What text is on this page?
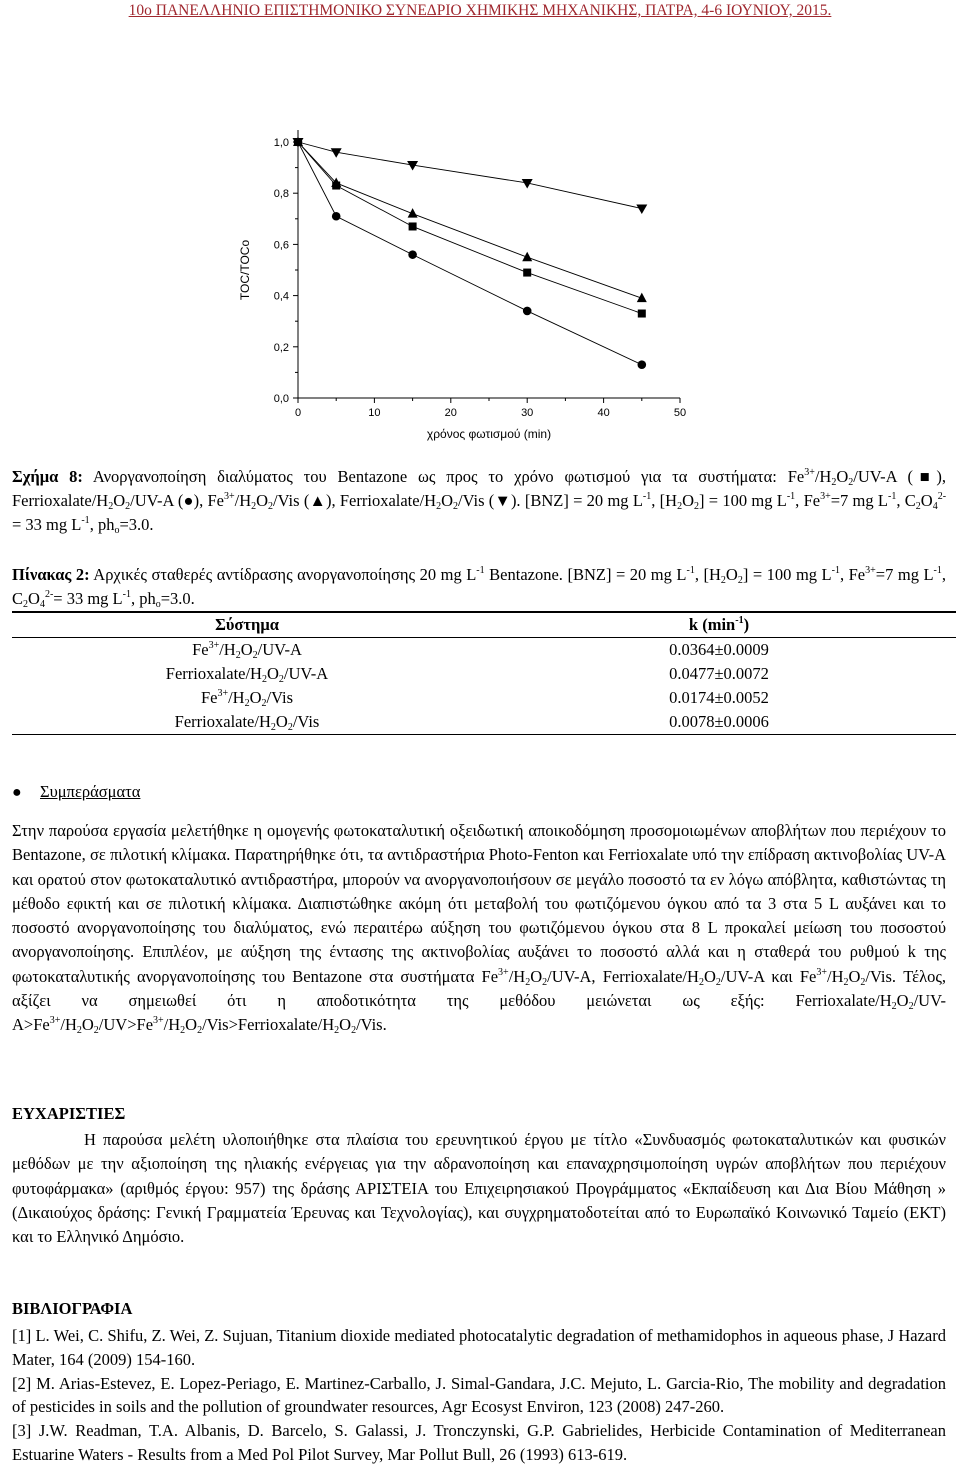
10ο ΠΑΝΕΛΛΗΝΙΟ ΕΠΙΣΤΗΜΟΝΙΚΟ ΣΥΝΕΔΡΙΟ ΧΗΜΙΚΗΣ ΜΗΧΑΝΙΚΗΣ, ΠΑΤΡΑ, 4-6 ΙΟΥΝΙΟΥ, 2015.
0,0
0,2
0,4
0,6
0,8
1,0
0	10	20	30	40	50
χρόνος φωτισμού (min)
TOC/TOCo
Σχήμα 8: Ανοργανοποίηση διαλύματος του Bentazone ως προς το χρόνο φωτισμού για τα συστήματα: $Fe^{3+}/H_2O_2/UV-A$ (■), Ferrioxalate/$H_2O_2/UV-A$ (●), $Fe^{3+}/H_2O_2$/Vis (▲), Ferrioxalate/$H_2O_2$/Vis (▼). [BNZ] = 20 mg $L^{-1}$, $[H_2O_2] = 100$ mg $L^{-1}$, $Fe^{3+}=7$ mg $L^{-1}$, $C_2O_4^{2-}= 33$ mg $L^{-1}$, $ph_o=3.0$.
Πίνακας 2: Αρχικές σταθερές αντίδρασης ανοργανοποίησης 20 mg $L^{-1}$ Bentazone. [BNZ] = 20 mg $L^{-1}$, $[H_2O_2] = 100$ mg $L^{-1}$, $Fe^{3+}=7$ mg $L^{-1}$, $C_2O_4^{2-}= 33$ mg $L^{-1}$, $ph_o=3.0$.
Σύστημα	k $(\min^{-1})$
$Fe^{3+}/H_2O_2/UV-A$	0.0364±0.0009
Ferrioxalate/$H_2O_2/UV-A$	0.0477±0.0072
$Fe^{3+}/H_2O_2$/Vis	0.0174±0.0052
Ferrioxalate/$H_2O_2$/Vis	0.0078±0.0006
● Συμπεράσματα
Στην παρούσα εργασία μελετήθηκε η ομογενής φωτοκαταλυτική οξειδωτική αποικοδόμηση προσομοιωμένων αποβλήτων που περιέχουν το Bentazone, σε πιλοτική κλίμακα. Παρατηρήθηκε ότι, τα αντιδραστήρια Photo-Fenton και Ferrioxalate υπό την επίδραση ακτινοβολίας UV-A και ορατού στον φωτοκαταλυτικό αντιδραστήρα, μπορούν να ανοργανοποιήσουν σε μεγάλο ποσοστό τα εν λόγω απόβλητα, καθιστώντας τη μέθοδο εφικτή και σε πιλοτική κλίμακα. Διαπιστώθηκε ακόμη ότι μεταβολή του φωτιζόμενου όγκου από τα 3 στα 5 L αυξάνει και το ποσοστό ανοργανοποίησης του διαλύματος, ενώ περαιτέρω αύξηση του φωτιζόμενου όγκου στα 8 L προκαλεί μείωση του ποσοστού ανοργανοποίησης. Επιπλέον, με αύξηση της έντασης της ακτινοβολίας αυξάνει το ποσοστό αλλά και η σταθερά του ρυθμού k της φωτοκαταλυτικής ανοργανοποίησης του Bentazone στα συστήματα $Fe^{3+}/H_2O_2/UV-A$, Ferrioxalate/$H_2O_2/UV-A$ και $Fe^{3+}/H_2O_2$/Vis. Τέλος, αξίζει να σημειωθεί ότι η αποδοτικότητα της μεθόδου μειώνεται ως εξής: Ferrioxalate/$H_2O_2/UV-A>Fe^{3+}/H_2O_2/UV>Fe^{3+}/H_2O_2/Vis>Ferrioxalate/H_2O_2$/Vis.
ΕΥΧΑΡΙΣΤΙΕΣ
Η παρούσα μελέτη υλοποιήθηκε στα πλαίσια του ερευνητικού έργου με τίτλο «Συνδυασμός φωτοκαταλυτικών και φυσικών μεθόδων με την αξιοποίηση της ηλιακής ενέργειας για την αδρανοποίηση και επαναχρησιμοποίηση υγρών αποβλήτων που περιέχουν φυτοφάρμακα» (αριθμός έργου: 957) της δράσης ΑΡΙΣΤΕΙΑ του Επιχειρησιακού Προγράμματος «Εκπαίδευση και Δια Βίου Μάθηση » (Δικαιούχος δράσης: Γενική Γραμματεία Έρευνας και Τεχνολογίας), και συγχρηματοδοτείται από το Ευρωπαϊκό Κοινωνικό Ταμείο (ΕΚΤ) και το Ελληνικό Δημόσιο.
ΒΙΒΛΙΟΓΡΑΦΙΑ
[1] L. Wei, C. Shifu, Z. Wei, Z. Sujuan, Titanium dioxide mediated photocatalytic degradation of methamidophos in aqueous phase, J Hazard Mater, 164 (2009) 154-160.
[2] M. Arias-Estevez, E. Lopez-Periago, E. Martinez-Carballo, J. Simal-Gandara, J.C. Mejuto, L. Garcia-Rio, The mobility and degradation of pesticides in soils and the pollution of groundwater resources, Agr Ecosyst Environ, 123 (2008) 247-260.
[3] J.W. Readman, T.A. Albanis, D. Barcelo, S. Galassi, J. Tronczynski, G.P. Gabrielides, Herbicide Contamination of Mediterranean Estuarine Waters - Results from a Med Pol Pilot Survey, Mar Pollut Bull, 26 (1993) 613-619.
